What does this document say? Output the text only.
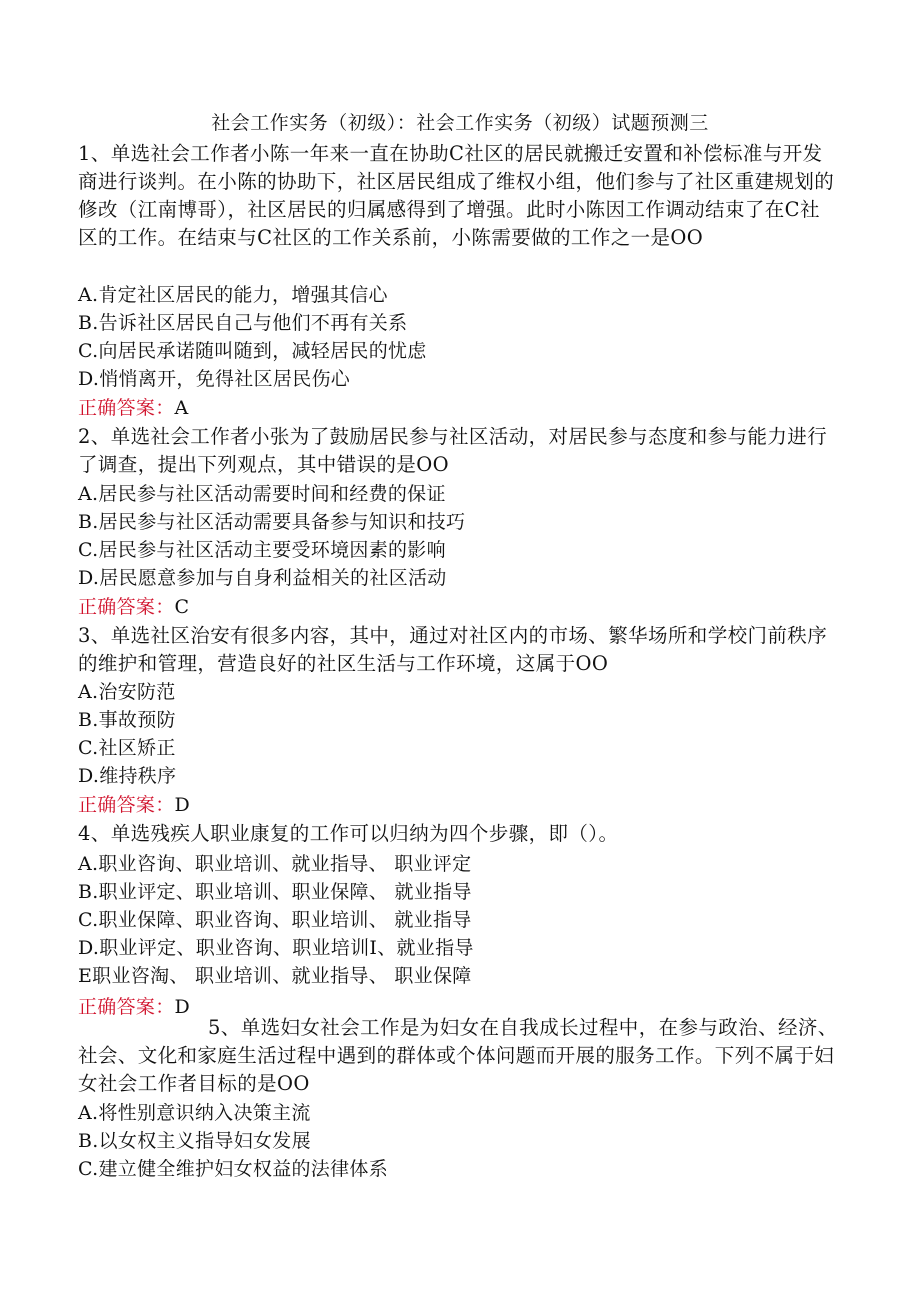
社会工作实务（初级）：社会工作实务（初级）试题预测三
1、单选社会工作者小陈一年来一直在协助C社区的居民就搬迁安置和补偿标准与开发商进行谈判。在小陈的协助下，社区居民组成了维权小组，他们参与了社区重建规划的修改（江南博哥），社区居民的归属感得到了增强。此时小陈因工作调动结束了在C社区的工作。在结束与C社区的工作关系前，小陈需要做的工作之一是OO
A.肯定社区居民的能力，增强其信心
B.告诉社区居民自己与他们不再有关系
C.向居民承诺随叫随到，减轻居民的忧虑
D.悄悄离开，免得社区居民伤心
正确答案：A
2、单选社会工作者小张为了鼓励居民参与社区活动，对居民参与态度和参与能力进行了调查，提出下列观点，其中错误的是OO
A.居民参与社区活动需要时间和经费的保证
B.居民参与社区活动需要具备参与知识和技巧
C.居民参与社区活动主要受环境因素的影响
D.居民愿意参加与自身利益相关的社区活动
正确答案：C
3、单选社区治安有很多内容，其中，通过对社区内的市场、繁华场所和学校门前秩序的维护和管理，营造良好的社区生活与工作环境，这属于OO
A.治安防范
B.事故预防
C.社区矫正
D.维持秩序
正确答案：D
4、单选残疾人职业康复的工作可以归纳为四个步骤，即（）。
A.职业咨询、职业培训、就业指导、 职业评定
B.职业评定、职业培训、职业保障、 就业指导
C.职业保障、职业咨询、职业培训、 就业指导
D.职业评定、职业咨询、职业培训I、就业指导
E职业咨淘、 职业培训、就业指导、 职业保障
正确答案：D
5、单选妇女社会工作是为妇女在自我成长过程中，在参与政治、经济、社会、文化和家庭生活过程中遇到的群体或个体问题而开展的服务工作。下列不属于妇女社会工作者目标的是OO
A.将性别意识纳入决策主流
B.以女权主义指导妇女发展
C.建立健全维护妇女权益的法律体系
